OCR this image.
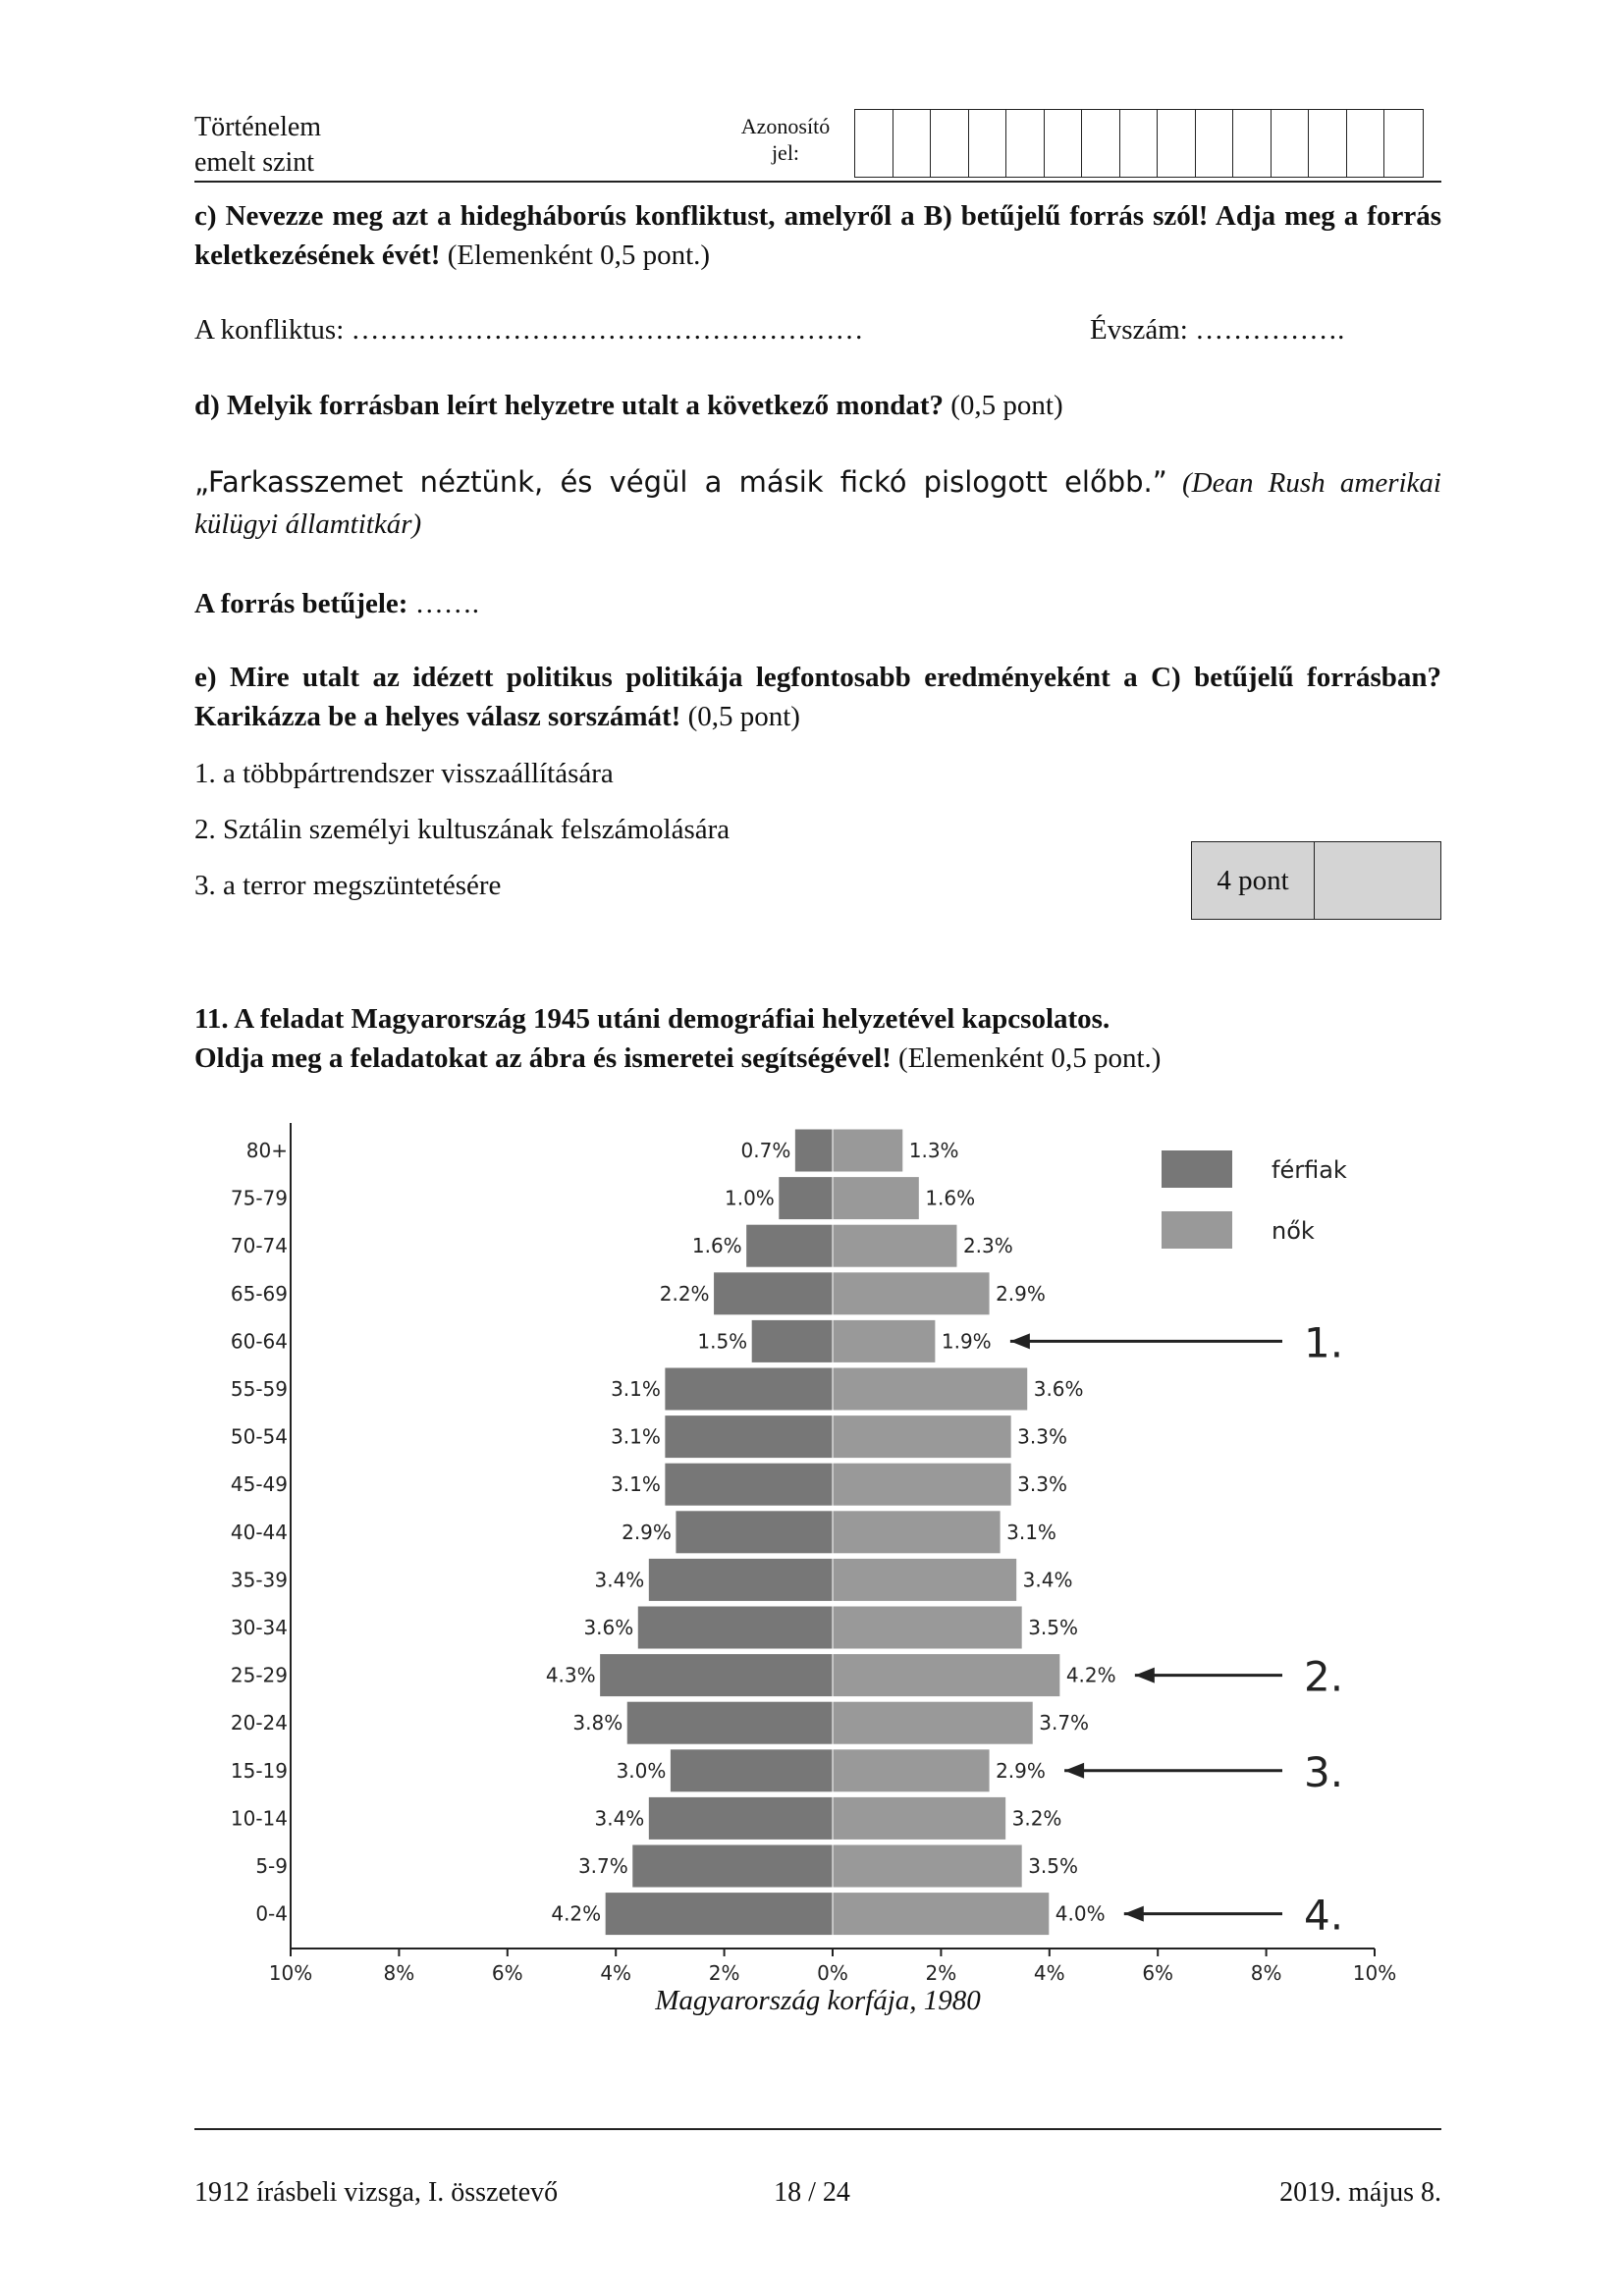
Történelem
emelt szint
Azonosító
jel:
c) Nevezze meg azt a hidegháborús konfliktust, amelyről a B) betűjelű forrás szól! Adja meg a forrás keletkezésének évét! (Elemenként 0,5 pont.)
A konfliktus: ………………………………………………	Évszám: …………….
d) Melyik forrásban leírt helyzetre utalt a következő mondat? (0,5 pont)
„Farkasszemet néztünk, és végül a másik fickó pislogott előbb.” (Dean Rush amerikai külügyi államtitkár)
A forrás betűjele: …….
e) Mire utalt az idézett politikus politikája legfontosabb eredményeként a C) betűjelű forrásban? Karikázza be a helyes válasz sorszámát! (0,5 pont)
1. a többpártrendszer visszaállítására
2. Sztálin személyi kultuszának felszámolására
3. a terror megszüntetésére	4 pont
11. A feladat Magyarország 1945 utáni demográfiai helyzetével kapcsolatos.
Oldja meg a feladatokat az ábra és ismeretei segítségével! (Elemenként 0,5 pont.)
80+	0.7%	1.3%
75-79	1.0%	1.6%
70-74	1.6%	2.3%
65-69	2.2%	2.9%
60-64	1.5%	1.9%
55-59	3.1%	3.6%
50-54	3.1%	3.3%
45-49	3.1%	3.3%
40-44	2.9%	3.1%
35-39	3.4%	3.4%
30-34	3.6%	3.5%
25-29	4.3%	4.2%
20-24	3.8%	3.7%
15-19	3.0%	2.9%
10-14	3.4%	3.2%
5-9	3.7%	3.5%
0-4	4.2%	4.0%
10%	8%	6%	4%	2%	0%	2%	4%	6%	8%	10%
férfiak
nők
1.
2.
3.
4.
Magyarország korfája, 1980
1912 írásbeli vizsga, I. összetevő	18 / 24	2019. május 8.
